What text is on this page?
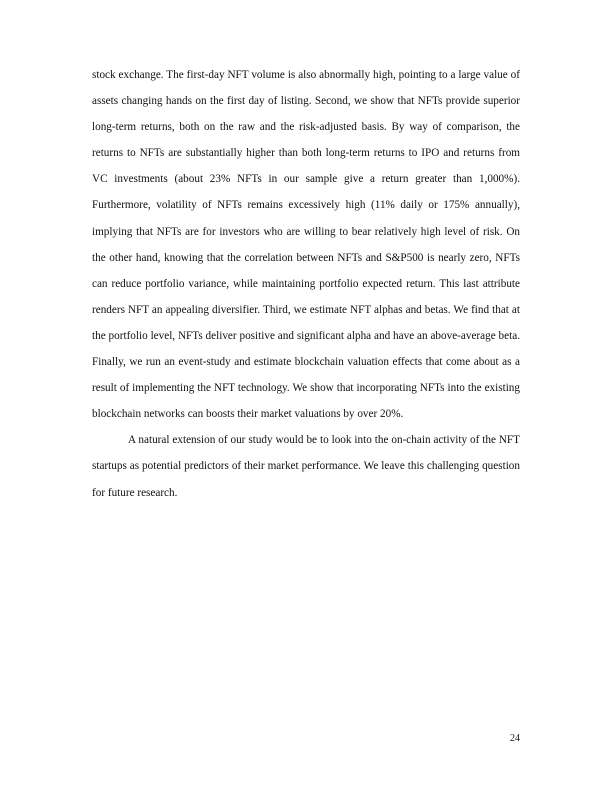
stock exchange. The first-day NFT volume is also abnormally high, pointing to a large value of assets changing hands on the first day of listing. Second, we show that NFTs provide superior long-term returns, both on the raw and the risk-adjusted basis. By way of comparison, the returns to NFTs are substantially higher than both long-term returns to IPO and returns from VC investments (about 23% NFTs in our sample give a return greater than 1,000%). Furthermore, volatility of NFTs remains excessively high (11% daily or 175% annually), implying that NFTs are for investors who are willing to bear relatively high level of risk. On the other hand, knowing that the correlation between NFTs and S&P500 is nearly zero, NFTs can reduce portfolio variance, while maintaining portfolio expected return. This last attribute renders NFT an appealing diversifier. Third, we estimate NFT alphas and betas. We find that at the portfolio level, NFTs deliver positive and significant alpha and have an above-average beta. Finally, we run an event-study and estimate blockchain valuation effects that come about as a result of implementing the NFT technology. We show that incorporating NFTs into the existing blockchain networks can boosts their market valuations by over 20%.

A natural extension of our study would be to look into the on-chain activity of the NFT startups as potential predictors of their market performance. We leave this challenging question for future research.

24
